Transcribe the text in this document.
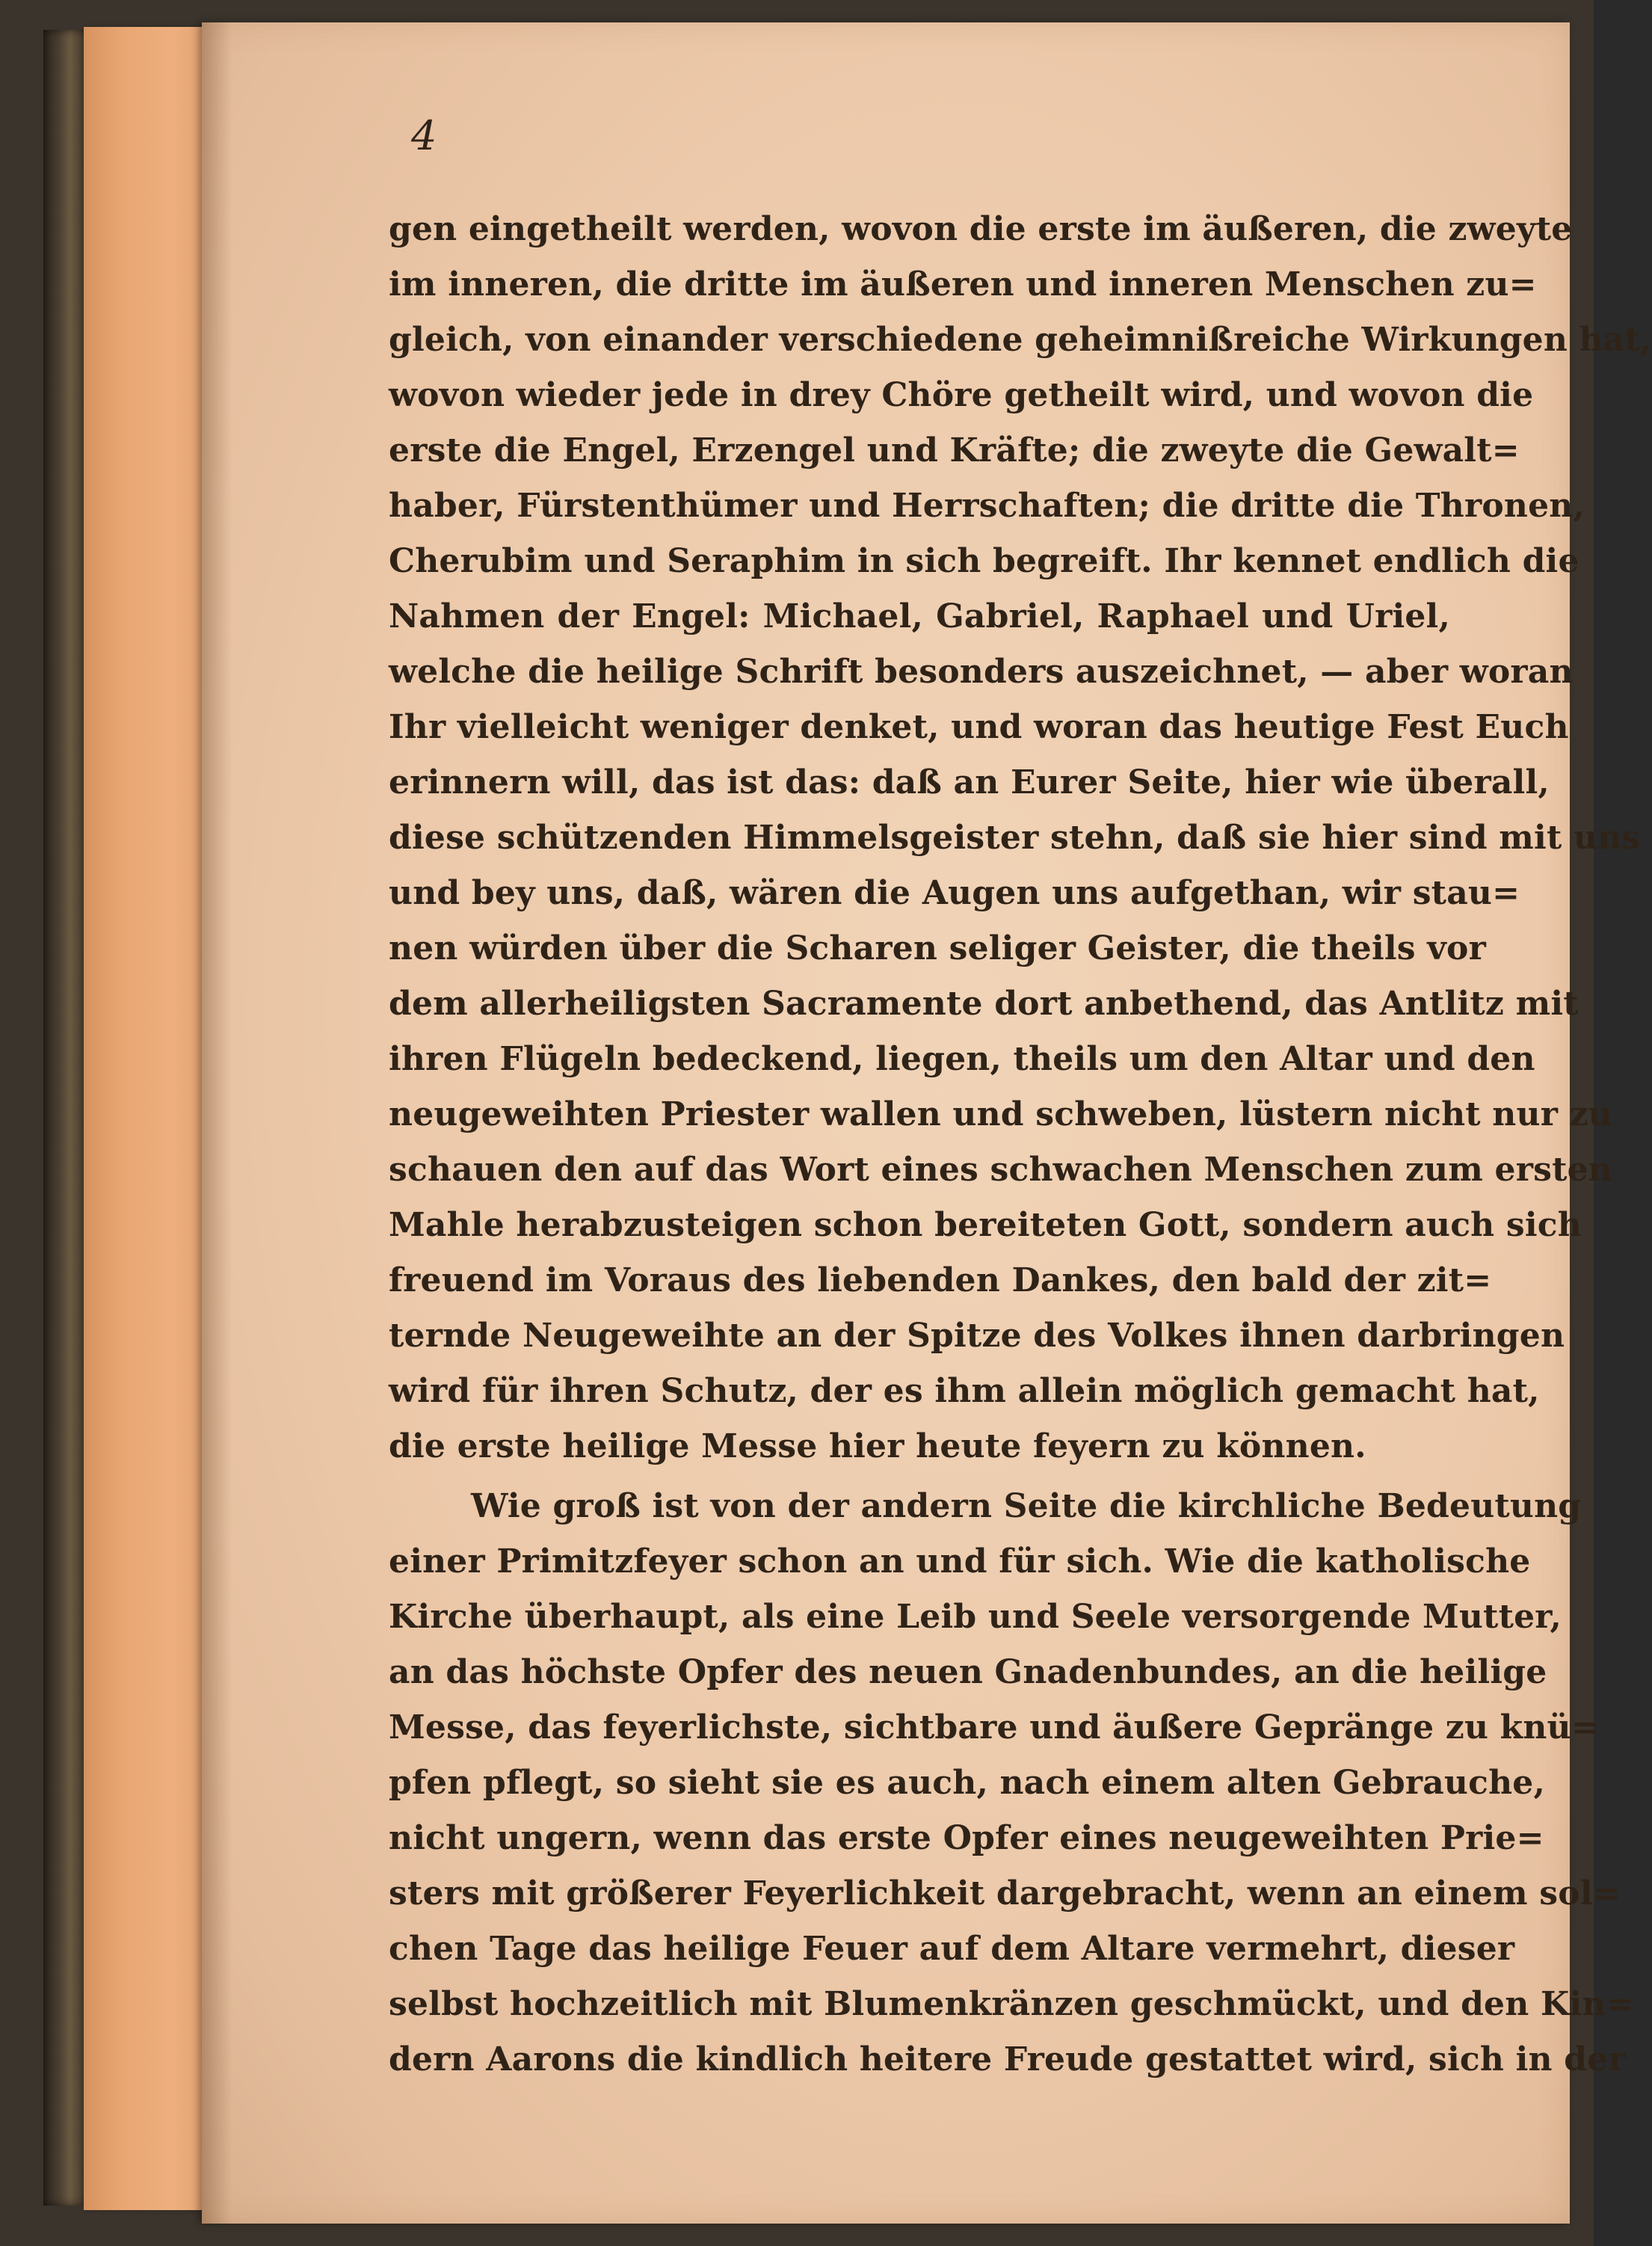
4

gen eingetheilt werden, wovon die erste im äußeren, die zweyte
im inneren, die dritte im äußeren und inneren Menschen zu=
gleich, von einander verschiedene geheimnißreiche Wirkungen hat,
wovon wieder jede in drey Chöre getheilt wird, und wovon die
erste die Engel, Erzengel und Kräfte; die zweyte die Gewalt=
haber, Fürstenthümer und Herrschaften; die dritte die Thronen,
Cherubim und Seraphim in sich begreift. Ihr kennet endlich die
Nahmen der Engel: Michael, Gabriel, Raphael und Uriel,
welche die heilige Schrift besonders auszeichnet, — aber woran
Ihr vielleicht weniger denket, und woran das heutige Fest Euch
erinnern will, das ist das: daß an Eurer Seite, hier wie überall,
diese schützenden Himmelsgeister stehn, daß sie hier sind mit uns
und bey uns, daß, wären die Augen uns aufgethan, wir stau=
nen würden über die Scharen seliger Geister, die theils vor
dem allerheiligsten Sacramente dort anbethend, das Antlitz mit
ihren Flügeln bedeckend, liegen, theils um den Altar und den
neugeweihten Priester wallen und schweben, lüstern nicht nur zu
schauen den auf das Wort eines schwachen Menschen zum ersten
Mahle herabzusteigen schon bereiteten Gott, sondern auch sich
freuend im Voraus des liebenden Dankes, den bald der zit=
ternde Neugeweihte an der Spitze des Volkes ihnen darbringen
wird für ihren Schutz, der es ihm allein möglich gemacht hat,
die erste heilige Messe hier heute feyern zu können.
Wie groß ist von der andern Seite die kirchliche Bedeutung
einer Primitzfeyer schon an und für sich. Wie die katholische
Kirche überhaupt, als eine Leib und Seele versorgende Mutter,
an das höchste Opfer des neuen Gnadenbundes, an die heilige
Messe, das feyerlichste, sichtbare und äußere Gepränge zu knü=
pfen pflegt, so sieht sie es auch, nach einem alten Gebrauche,
nicht ungern, wenn das erste Opfer eines neugeweihten Prie=
sters mit größerer Feyerlichkeit dargebracht, wenn an einem sol=
chen Tage das heilige Feuer auf dem Altare vermehrt, dieser
selbst hochzeitlich mit Blumenkränzen geschmückt, und den Kin=
dern Aarons die kindlich heitere Freude gestattet wird, sich in der
